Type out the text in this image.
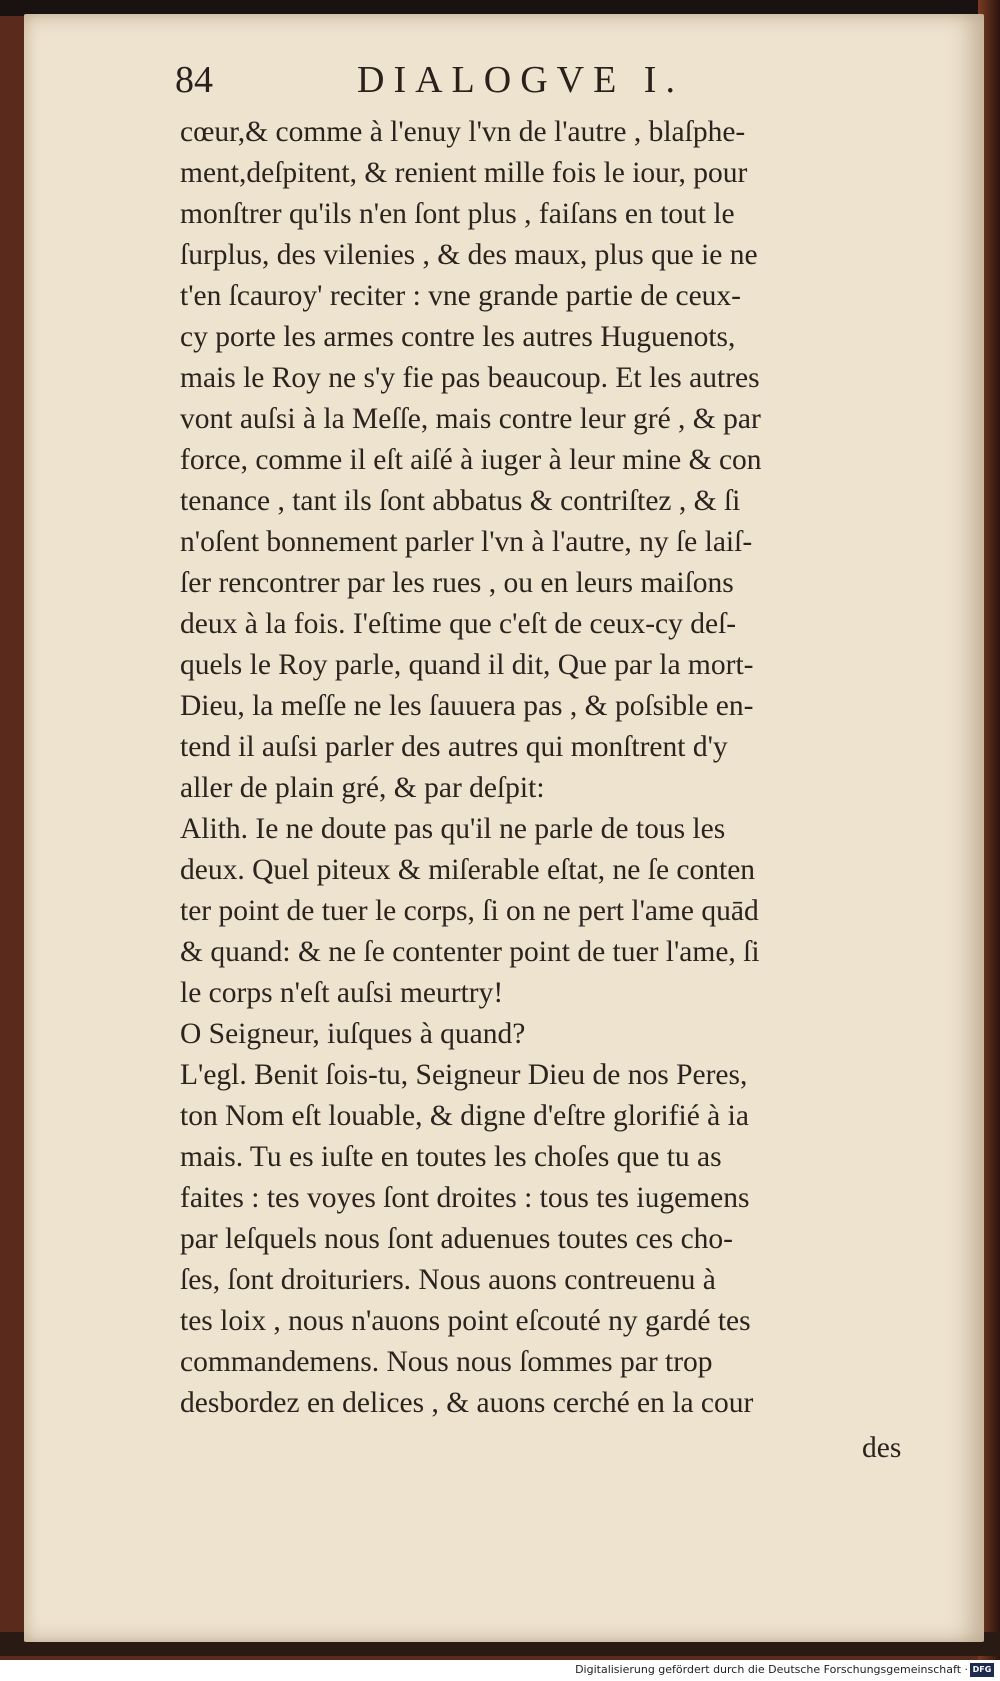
84	DIALOGVE I.
cœur,& comme à l'enuy l'vn de l'autre , blaſphe-
ment,deſpitent, & renient mille fois le iour, pour
monſtrer qu'ils n'en ſont plus , faiſans en tout le
ſurplus, des vilenies , & des maux, plus que ie ne
t'en ſcauroy' reciter : vne grande partie de ceux-
cy porte les armes contre les autres Huguenots,
mais le Roy ne s'y fie pas beaucoup. Et les autres
vont auſsi à la Meſſe, mais contre leur gré , & par
force, comme il eſt aiſé à iuger à leur mine & con
tenance , tant ils ſont abbatus & contriſtez , & ſi
n'oſent bonnement parler l'vn à l'autre, ny ſe laiſ-
ſer rencontrer par les rues , ou en leurs maiſons
deux à la fois. I'eſtime que c'eſt de ceux-cy deſ-
quels le Roy parle, quand il dit, Que par la mort-
Dieu, la meſſe ne les ſauuera pas , & poſsible en-
tend il auſsi parler des autres qui monſtrent d'y
aller de plain gré, & par deſpit:
Alith. Ie ne doute pas qu'il ne parle de tous les
deux. Quel piteux & miſerable eſtat, ne ſe conten
ter point de tuer le corps, ſi on ne pert l'ame quād
& quand: & ne ſe contenter point de tuer l'ame, ſi
le corps n'eſt auſsi meurtry!
O Seigneur, iuſques à quand?
L'egl. Benit ſois-tu, Seigneur Dieu de nos Peres,
ton Nom eſt louable, & digne d'eſtre glorifié à ia
mais. Tu es iuſte en toutes les choſes que tu as
faites : tes voyes ſont droites : tous tes iugemens
par leſquels nous ſont aduenues toutes ces cho-
ſes, ſont droituriers. Nous auons contreuenu à
tes loix , nous n'auons point eſcouté ny gardé tes
commandemens. Nous nous ſommes par trop
desbordez en delices , & auons cerché en la cour
des
Digitalisierung gefördert durch die Deutsche Forschungsgemeinschaft · DFG
